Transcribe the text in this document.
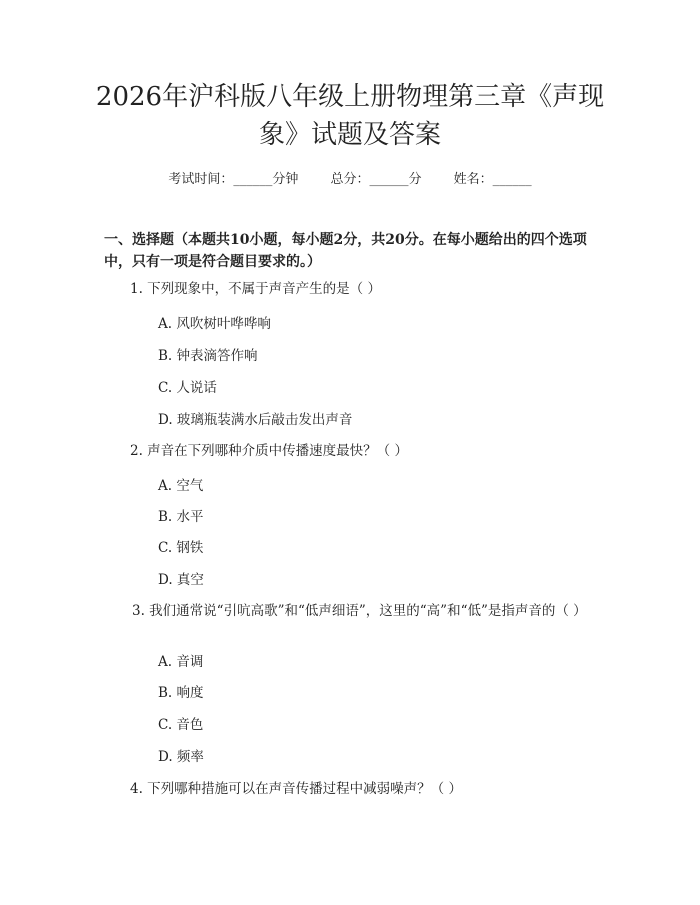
2026年沪科版八年级上册物理第三章《声现象》试题及答案
考试时间：______分钟 总分：______分 姓名：______

一、选择题（本题共10小题，每小题2分，共20分。在每小题给出的四个选项中，只有一项是符合题目要求的。）

1. 下列现象中，不属于声音产生的是（ ）

A. 风吹树叶哗哗响
B. 钟表滴答作响
C. 人说话
D. 玻璃瓶装满水后敲击发出声音

2. 声音在下列哪种介质中传播速度最快？（ ）

A. 空气
B. 水平
C. 钢铁
D. 真空

3. 我们通常说“引吭高歌”和“低声细语”，这里的“高”和“低”是指声音的（ ）

A. 音调
B. 响度
C. 音色
D. 频率

4. 下列哪种措施可以在声音传播过程中减弱噪声？（ ）
